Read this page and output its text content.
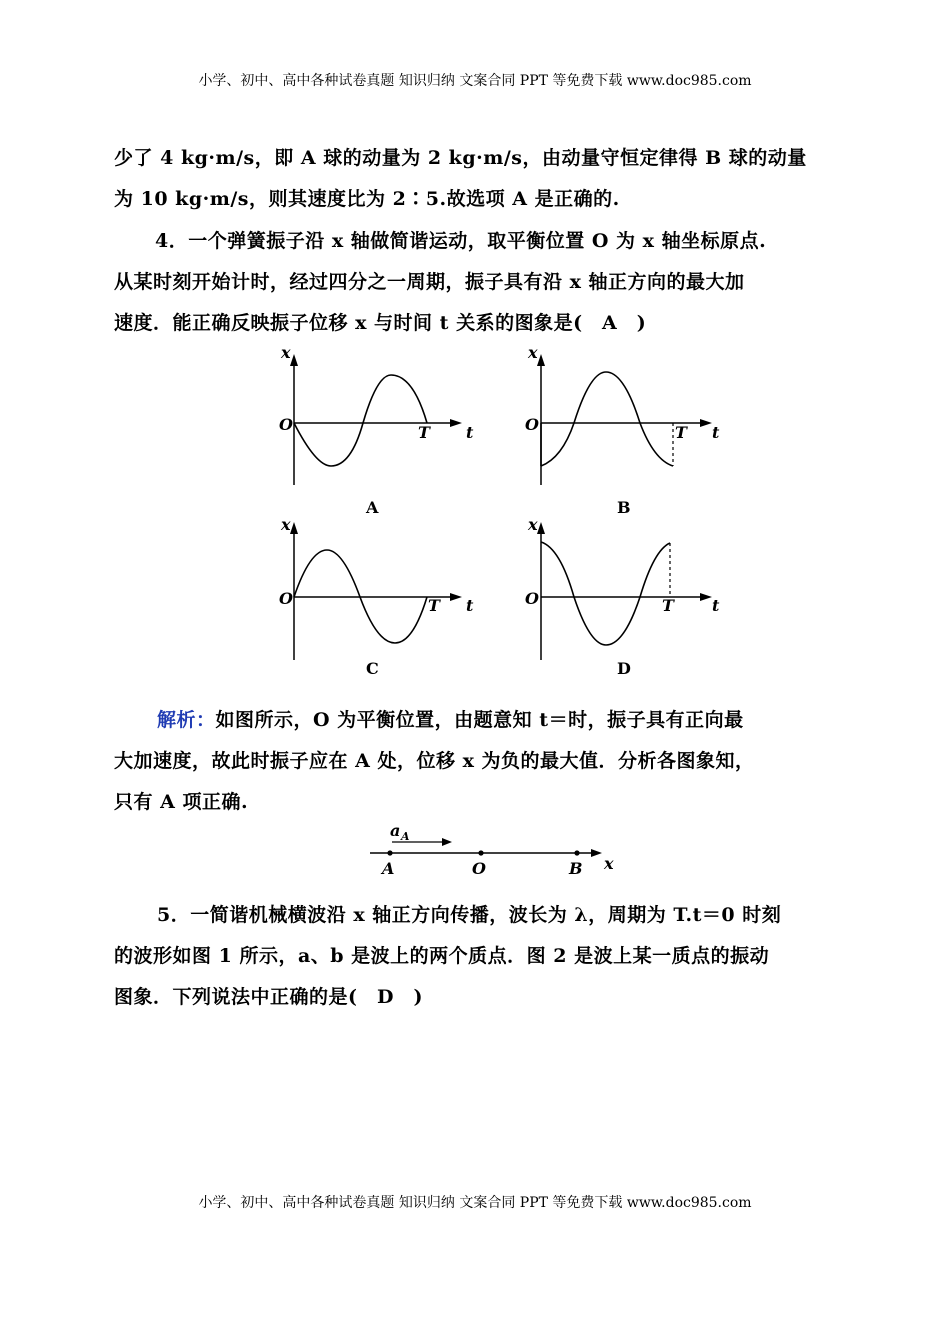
小学、初中、高中各种试卷真题 知识归纳 文案合同 PPT 等免费下载 www.doc985.com
少了 4 kg·m/s，即 A 球的动量为 2 kg·m/s，由动量守恒定律得 B 球的动量
为 10 kg·m/s，则其速度比为 2∶5.故选项 A 是正确的.
4．一个弹簧振子沿 x 轴做简谐运动，取平衡位置 O 为 x 轴坐标原点.
从某时刻开始计时，经过四分之一周期，振子具有沿 x 轴正方向的最大加
速度．能正确反映振子位移 x 与时间 t 关系的图象是(　A　)
x
O	T t
A
x
O	T t
B
x
O	T t
C
x
O	T t
D
a A
A	O	B x
解析：如图所示，O 为平衡位置，由题意知 t＝时，振子具有正向最
大加速度，故此时振子应在 A 处，位移 x 为负的最大值．分析各图象知，
只有 A 项正确.
5．一简谐机械横波沿 x 轴正方向传播，波长为 λ，周期为 T.t＝0 时刻
的波形如图 1 所示，a、b 是波上的两个质点．图 2 是波上某一质点的振动
图象．下列说法中正确的是(　D　)
小学、初中、高中各种试卷真题 知识归纳 文案合同 PPT 等免费下载 www.doc985.com
